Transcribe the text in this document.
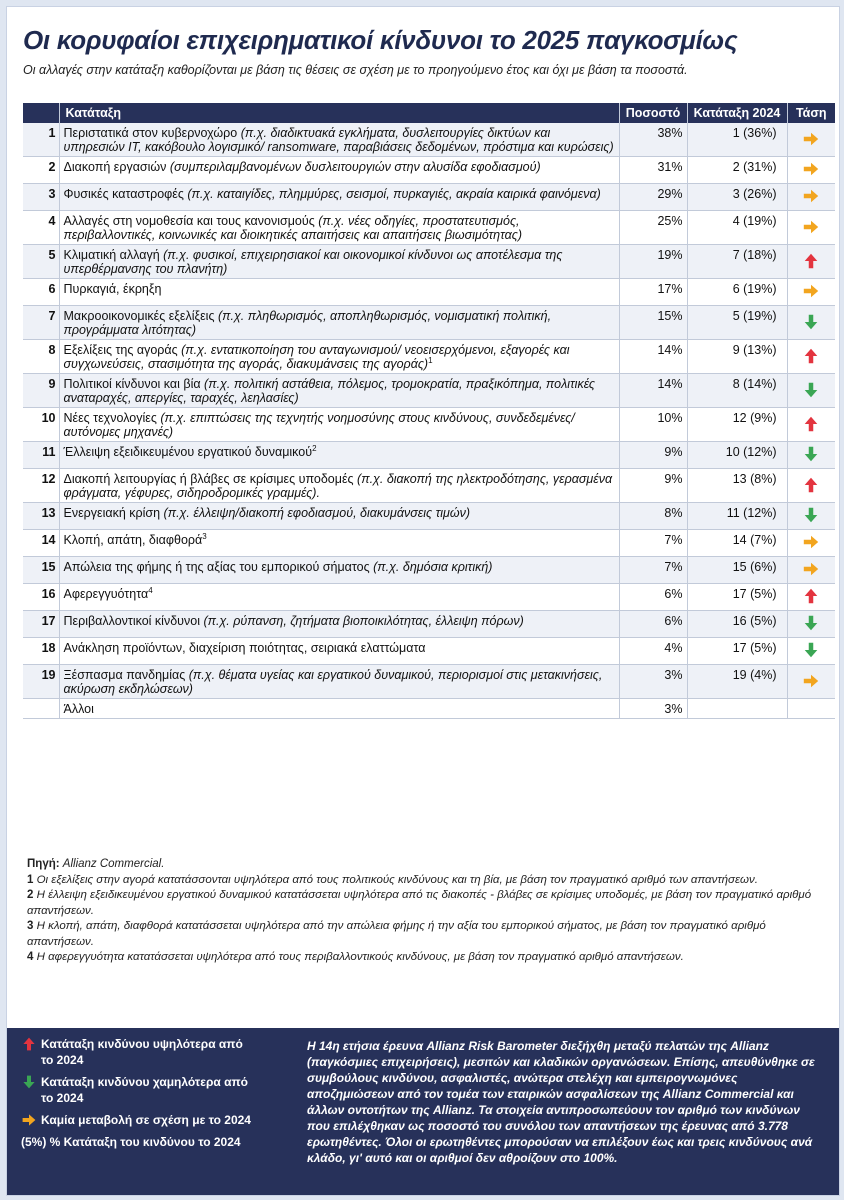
Οι κορυφαίοι επιχειρηματικοί κίνδυνοι το 2025 παγκοσμίως
Οι αλλαγές στην κατάταξη καθορίζονται με βάση τις θέσεις σε σχέση με το προηγούμενο έτος και όχι με βάση τα ποσοστά.
	Κατάταξη	Ποσοστό	Κατάταξη 2024	Τάση
1	Περιστατικά στον κυβερνοχώρο (π.χ. διαδικτυακά εγκλήματα, δυσλειτουργίες δικτύων και υπηρεσιών IT, κακόβουλο λογισμικό/ ransomware, παραβιάσεις δεδομένων, πρόστιμα και κυρώσεις)	38%	1 (36%)	
2	Διακοπή εργασιών (συμπεριλαμβανομένων δυσλειτουργιών στην αλυσίδα εφοδιασμού)	31%	2 (31%)	
3	Φυσικές καταστροφές (π.χ. καταιγίδες, πλημμύρες, σεισμοί, πυρκαγιές, ακραία καιρικά φαινόμενα)	29%	3 (26%)	
4	Αλλαγές στη νομοθεσία και τους κανονισμούς (π.χ. νέες οδηγίες, προστατευτισμός, περιβαλλοντικές, κοινωνικές και διοικητικές απαιτήσεις και απαιτήσεις βιωσιμότητας)	25%	4 (19%)	
5	Κλιματική αλλαγή (π.χ. φυσικοί, επιχειρησιακοί και οικονομικοί κίνδυνοι ως αποτέλεσμα της υπερθέρμανσης του πλανήτη)	19%	7 (18%)	
6	Πυρκαγιά, έκρηξη	17%	6 (19%)	
7	Μακροοικονομικές εξελίξεις (π.χ. πληθωρισμός, αποπληθωρισμός, νομισματική πολιτική, προγράμματα λιτότητας)	15%	5 (19%)	
8	Εξελίξεις της αγοράς (π.χ. εντατικοποίηση του ανταγωνισμού/ νεοεισερχόμενοι, εξαγορές και συγχωνεύσεις, στασιμότητα της αγοράς, διακυμάνσεις της αγοράς)$^1$	14%	9 (13%)	
9	Πολιτικοί κίνδυνοι και βία (π.χ. πολιτική αστάθεια, πόλεμος, τρομοκρατία, πραξικόπημα, πολιτικές αναταραχές, απεργίες, ταραχές, λεηλασίες)	14%	8 (14%)	
10	Νέες τεχνολογίες (π.χ. επιπτώσεις της τεχνητής νοημοσύνης στους κινδύνους, συνδεδεμένες/αυτόνομες μηχανές)	10%	12 (9%)	
11	Έλλειψη εξειδικευμένου εργατικού δυναμικού$^2$	9%	10 (12%)	
12	Διακοπή λειτουργίας ή βλάβες σε κρίσιμες υποδομές (π.χ. διακοπή της ηλεκτροδότησης, γερασμένα φράγματα, γέφυρες, σιδηροδρομικές γραμμές).	9%	13 (8%)	
13	Ενεργειακή κρίση (π.χ. έλλειψη/διακοπή εφοδιασμού, διακυμάνσεις τιμών)	8%	11 (12%)	
14	Κλοπή, απάτη, διαφθορά$^3$	7%	14 (7%)	
15	Απώλεια της φήμης ή της αξίας του εμπορικού σήματος (π.χ. δημόσια κριτική)	7%	15 (6%)	
16	Αφερεγγυότητα$^4$	6%	17 (5%)	
17	Περιβαλλοντικοί κίνδυνοι (π.χ. ρύπανση, ζητήματα βιοποικιλότητας, έλλειψη πόρων)	6%	16 (5%)	
18	Ανάκληση προϊόντων, διαχείριση ποιότητας, σειριακά ελαττώματα	4%	17 (5%)	
19	Ξέσπασμα πανδημίας (π.χ. θέματα υγείας και εργατικού δυναμικού, περιορισμοί στις μετακινήσεις, ακύρωση εκδηλώσεων)	3%	19 (4%)	
	Άλλοι	3%		

Πηγή: Allianz Commercial.

1 Οι εξελίξεις στην αγορά κατατάσσονται υψηλότερα από τους πολιτικούς κινδύνους και τη βία, με βάση τον πραγματικό αριθμό των απαντήσεων.

2 Η έλλειψη εξειδικευμένου εργατικού δυναμικού κατατάσσεται υψηλότερα από τις διακοπές - βλάβες σε κρίσιμες υποδομές, με βάση τον πραγματικό αριθμό απαντήσεων.

3 Η κλοπή, απάτη, διαφθορά κατατάσσεται υψηλότερα από την απώλεια φήμης ή την αξία του εμπορικού σήματος, με βάση τον πραγματικό αριθμό απαντήσεων.

4 Η αφερεγγυότητα κατατάσσεται υψηλότερα από τους περιβαλλοντικούς κινδύνους, με βάση τον πραγματικό αριθμό απαντήσεων.

Κατάταξη κινδύνου υψηλότερα από
το 2024
Κατάταξη κινδύνου χαμηλότερα από
το 2024
Καμία μεταβολή σε σχέση με το 2024
(5%) % Κατάταξη του κινδύνου το 2024
Η 14η ετήσια έρευνα Allianz Risk Barometer διεξήχθη μεταξύ πελατών της Allianz (παγκόσμιες επιχειρήσεις), μεσιτών και κλαδικών οργανώσεων. Επίσης, απευθύνθηκε σε συμβούλους κινδύνου, ασφαλιστές, ανώτερα στελέχη και εμπειρογνωμόνες αποζημιώσεων από τον τομέα των εταιρικών ασφαλίσεων της Allianz Commercial και άλλων οντοτήτων της Allianz. Τα στοιχεία αντιπροσωπεύουν τον αριθμό των κινδύνων που επιλέχθηκαν ως ποσοστό του συνόλου των απαντήσεων της έρευνας από 3.778 ερωτηθέντες. Όλοι οι ερωτηθέντες μπορούσαν να επιλέξουν έως και τρεις κινδύνους ανά κλάδο, γι' αυτό και οι αριθμοί δεν αθροίζουν στο 100%.
